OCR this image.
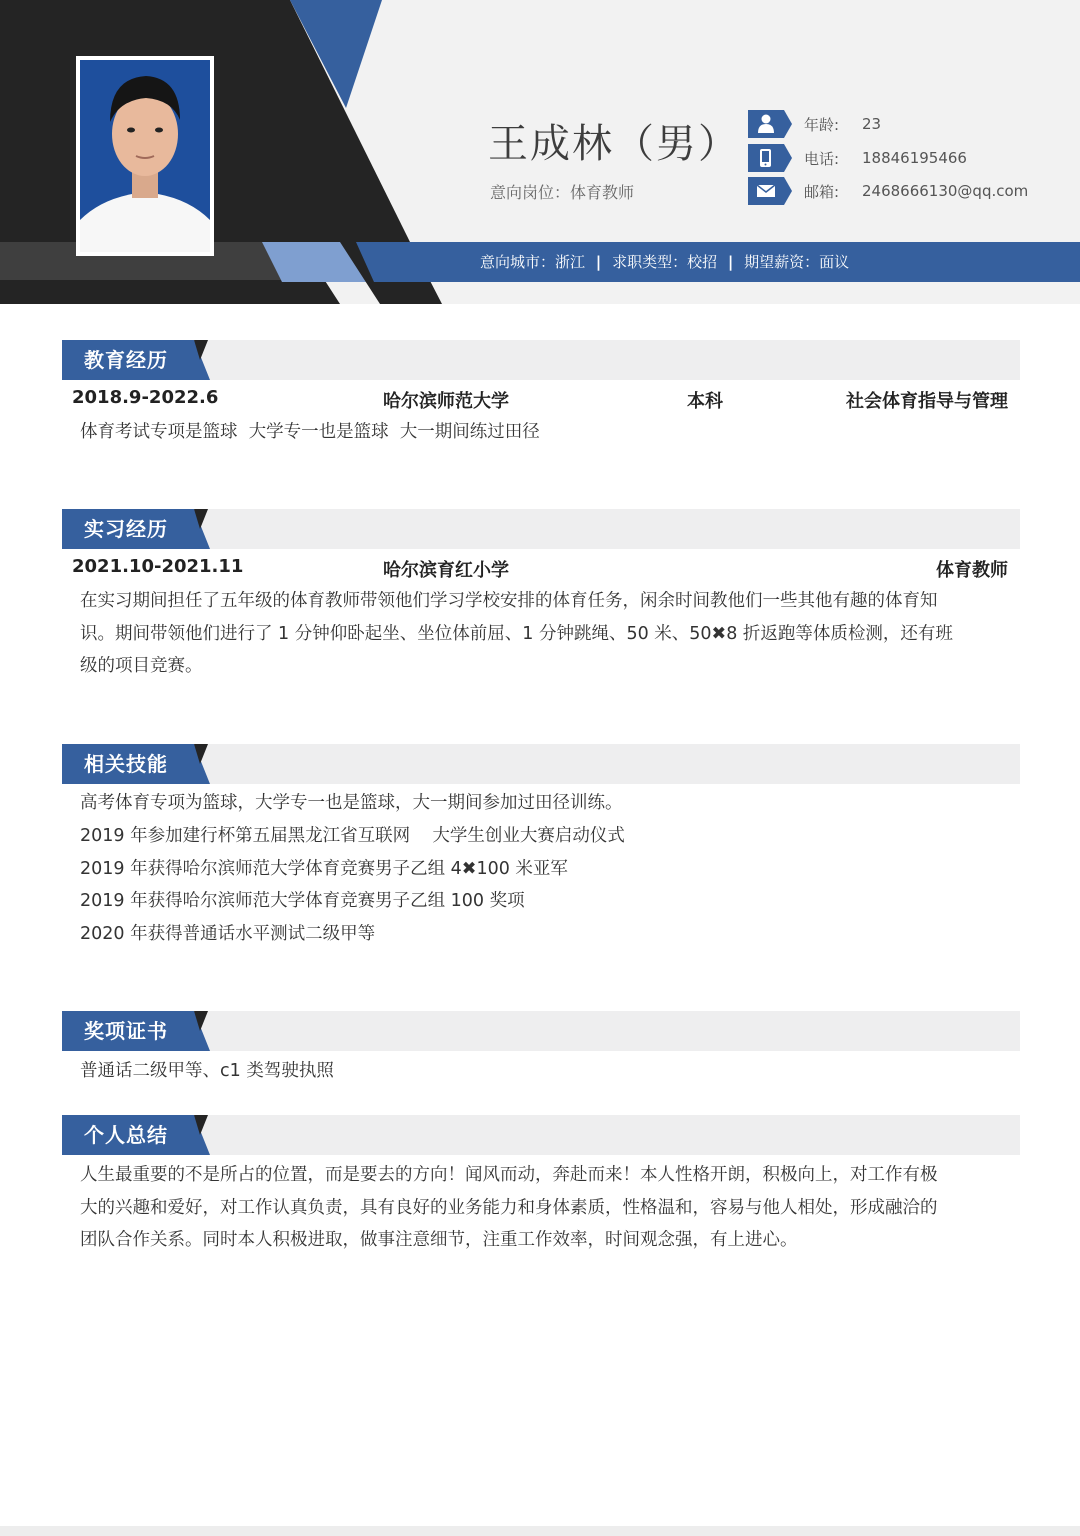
王成林（男）
意向岗位：体育教师
年龄:	23
电话:	18846195466
邮箱:	2468666130@qq.com
意向城市：浙江 | 求职类型：校招 | 期望薪资：面议
教育经历
2018.9-2022.6	哈尔滨师范大学	本科	社会体育指导与管理

体育考试专项是篮球  大学专一也是篮球  大一期间练过田径

实习经历
2021.10-2021.11	哈尔滨育红小学	体育教师

在实习期间担任了五年级的体育教师带领他们学习学校安排的体育任务，闲余时间教他们一些其他有趣的体育知

识。期间带领他们进行了 1 分钟仰卧起坐、坐位体前屈、1 分钟跳绳、50 米、50✖8 折返跑等体质检测，还有班

级的项目竞赛。

相关技能

高考体育专项为篮球，大学专一也是篮球，大一期间参加过田径训练。

2019 年参加建行杯第五届黑龙江省互联网    大学生创业大赛启动仪式

2019 年获得哈尔滨师范大学体育竞赛男子乙组 4✖100 米亚军

2019 年获得哈尔滨师范大学体育竞赛男子乙组 100 奖项

2020 年获得普通话水平测试二级甲等

奖项证书

普通话二级甲等、c1 类驾驶执照

个人总结

人生最重要的不是所占的位置，而是要去的方向！闻风而动，奔赴而来！本人性格开朗，积极向上，对工作有极

大的兴趣和爱好，对工作认真负责，具有良好的业务能力和身体素质，性格温和，容易与他人相处，形成融洽的

团队合作关系。同时本人积极进取，做事注意细节，注重工作效率，时间观念强，有上进心。
